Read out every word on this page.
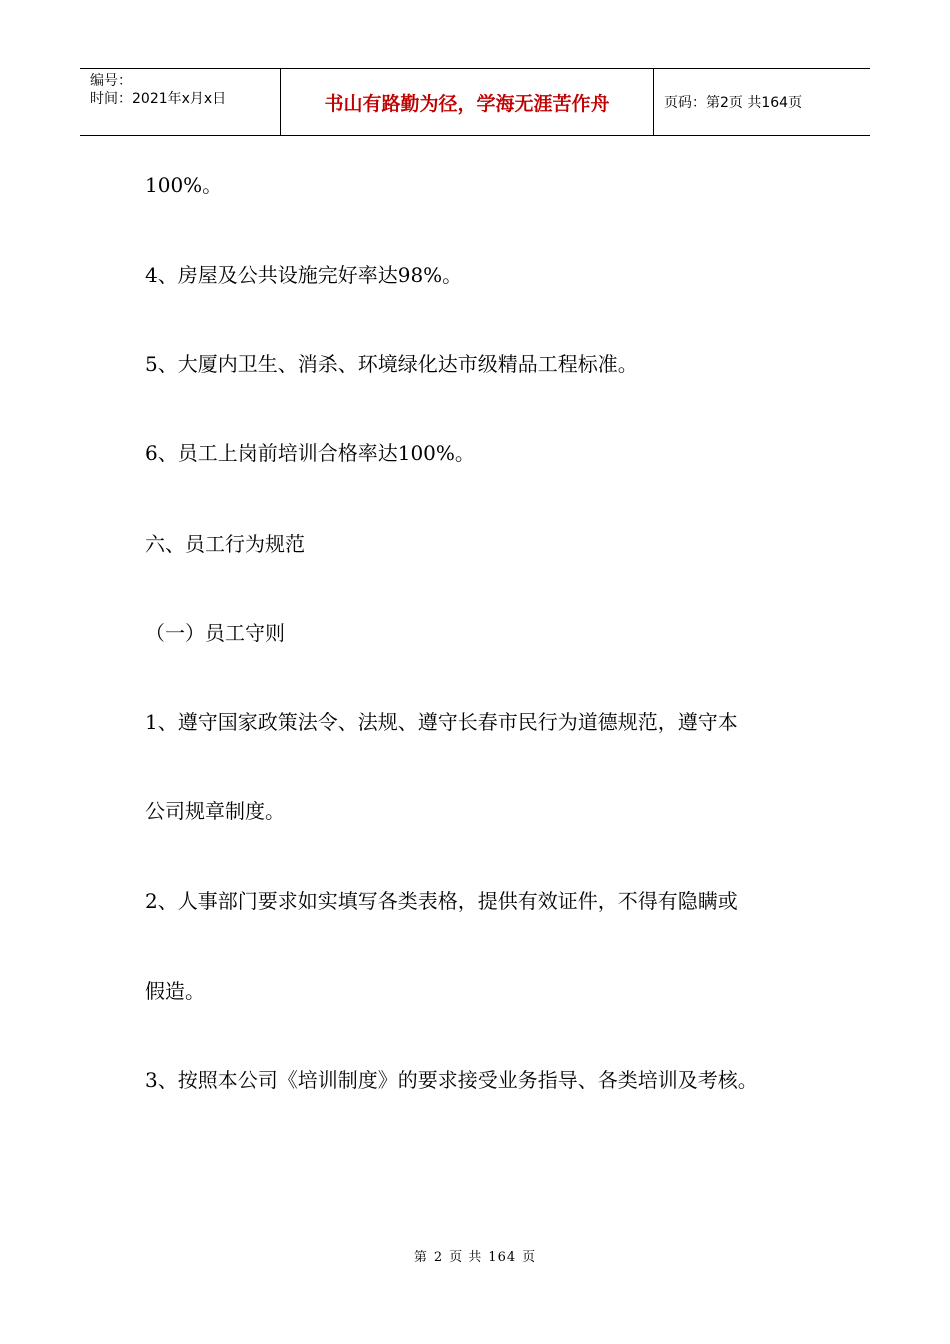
编号：
时间：2021年x月x日	书山有路勤为径，学海无涯苦作舟	页码：第2页 共164页
100%。
4、房屋及公共设施完好率达98%。
5、大厦内卫生、消杀、环境绿化达市级精品工程标准。
6、员工上岗前培训合格率达100%。
六、员工行为规范
（一）员工守则
1、遵守国家政策法令、法规、遵守长春市民行为道德规范，遵守本
公司规章制度。
2、人事部门要求如实填写各类表格，提供有效证件，不得有隐瞒或
假造。
3、按照本公司《培训制度》的要求接受业务指导、各类培训及考核。
第 2 页 共 164 页
